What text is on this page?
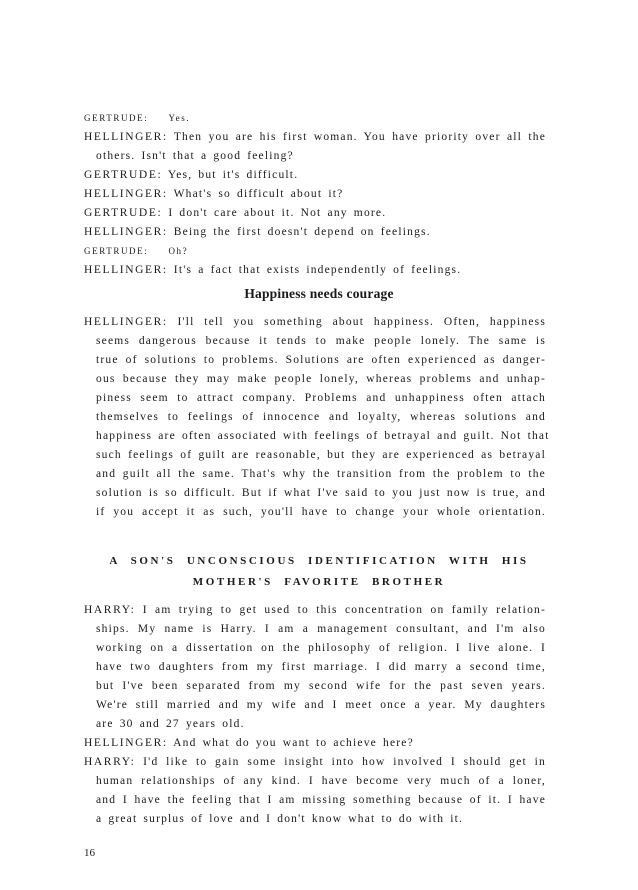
GERTRUDE: Yes.
HELLINGER: Then you are his first woman. You have priority over all the
others. Isn't that a good feeling?
GERTRUDE: Yes, but it's difficult.
HELLINGER: What's so difficult about it?
GERTRUDE: I don't care about it. Not any more.
HELLINGER: Being the first doesn't depend on feelings.
GERTRUDE: Oh?
HELLINGER: It's a fact that exists independently of feelings.
Happiness needs courage
HELLINGER: I'll tell you something about happiness. Often, happiness
seems dangerous because it tends to make people lonely. The same is
true of solutions to problems. Solutions are often experienced as danger-
ous because they may make people lonely, whereas problems and unhap-
piness seem to attract company. Problems and unhappiness often attach
themselves to feelings of innocence and loyalty, whereas solutions and
happiness are often associated with feelings of betrayal and guilt. Not that
such feelings of guilt are reasonable, but they are experienced as betrayal
and guilt all the same. That's why the transition from the problem to the
solution is so difficult. But if what I've said to you just now is true, and
if you accept it as such, you'll have to change your whole orientation.
A SON'S UNCONSCIOUS IDENTIFICATION WITH HIS
MOTHER'S FAVORITE BROTHER
HARRY: I am trying to get used to this concentration on family relation-
ships. My name is Harry. I am a management consultant, and I'm also
working on a dissertation on the philosophy of religion. I live alone. I
have two daughters from my first marriage. I did marry a second time,
but I've been separated from my second wife for the past seven years.
We're still married and my wife and I meet once a year. My daughters
are 30 and 27 years old.
HELLINGER: And what do you want to achieve here?
HARRY: I'd like to gain some insight into how involved I should get in
human relationships of any kind. I have become very much of a loner,
and I have the feeling that I am missing something because of it. I have
a great surplus of love and I don't know what to do with it.
16
